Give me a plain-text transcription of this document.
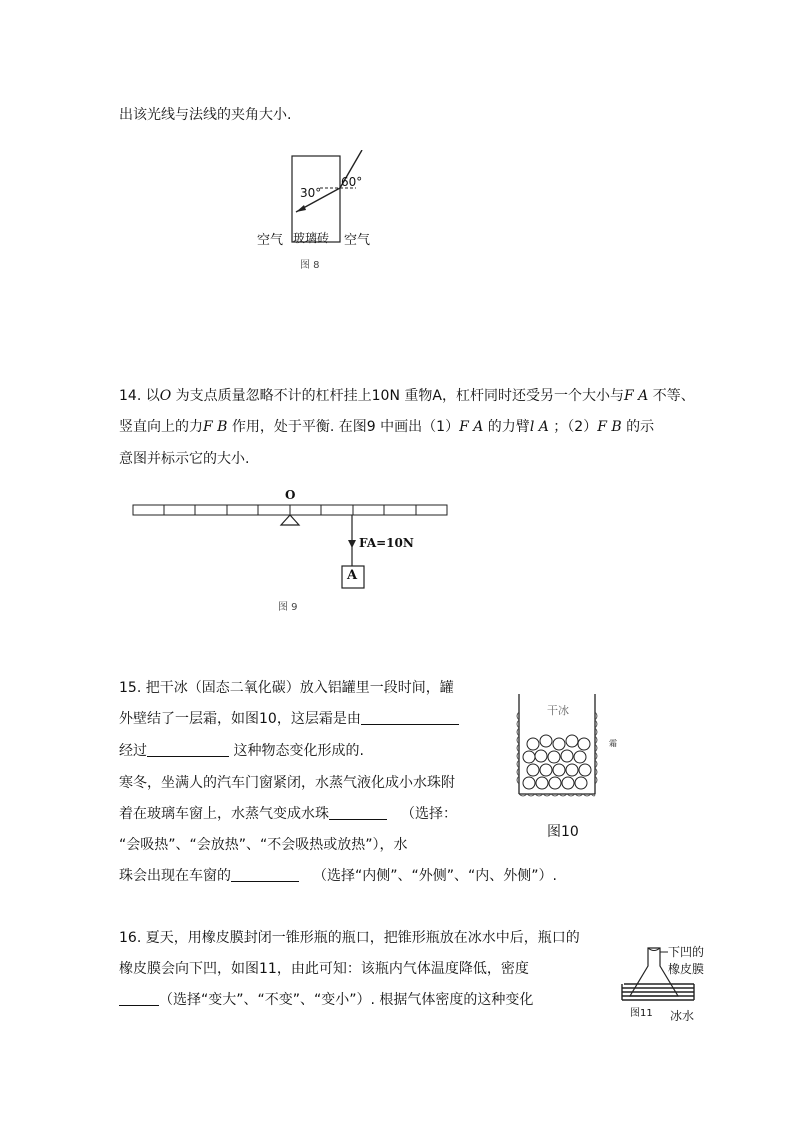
出该光线与法线的夹角大小.
30°
60°
空气 玻璃砖 空气
图 8
14. 以O 为支点质量忽略不计的杠杆挂上10N 重物A，杠杆同时还受另一个大小与F A 不等、
竖直向上的力F B 作用，处于平衡. 在图9 中画出（1）F A 的力臂l A ；（2）F B 的示
意图并标示它的大小.
O
FA=10N
A
图 9
15. 把干冰（固态二氧化碳）放入铝罐里一段时间，罐
外壁结了一层霜，如图10，这层霜是由
经过	这种物态变化形成的.
寒冬，坐满人的汽车门窗紧闭，水蒸气液化成小水珠附
着在玻璃车窗上，水蒸气变成水珠	（选择：
“会吸热”、“会放热”、“不会吸热或放热”），水
珠会出现在车窗的	（选择“内侧”、“外侧”、“内、外侧”）.
干冰
霜
图10
16. 夏天，用橡皮膜封闭一锥形瓶的瓶口，把锥形瓶放在冰水中后，瓶口的
橡皮膜会向下凹，如图11，由此可知：该瓶内气体温度降低，密度
（选择“变大”、“不变”、“变小”）. 根据气体密度的这种变化
下凹的
橡皮膜
图11 冰水
